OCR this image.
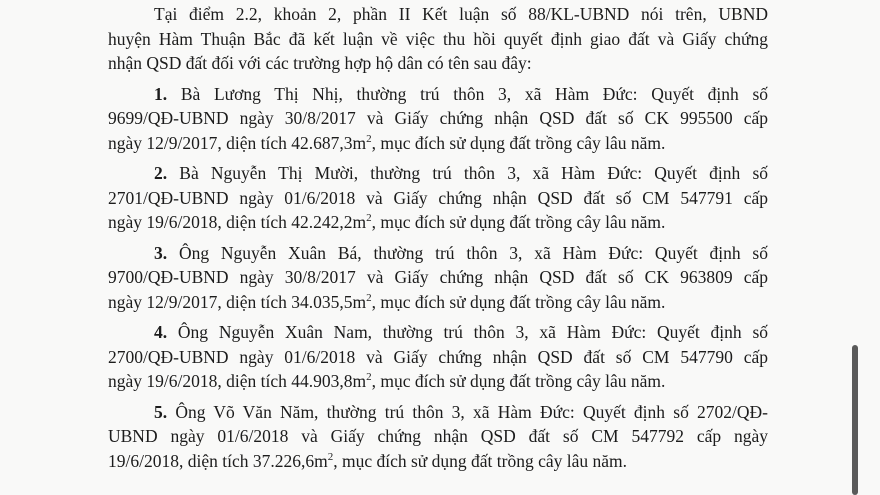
Tại điểm 2.2, khoản 2, phần II Kết luận số 88/KL-UBND nói trên, UBND
huyện Hàm Thuận Bắc đã kết luận về việc thu hồi quyết định giao đất và Giấy chứng
nhận QSD đất đối với các trường hợp hộ dân có tên sau đây:

1. Bà Lương Thị Nhị, thường trú thôn 3, xã Hàm Đức: Quyết định số
9699/QĐ-UBND ngày 30/8/2017 và Giấy chứng nhận QSD đất số CK 995500 cấp
ngày 12/9/2017, diện tích $42.687,3m^2$, mục đích sử dụng đất trồng cây lâu năm.

2. Bà Nguyễn Thị Mười, thường trú thôn 3, xã Hàm Đức: Quyết định số
2701/QĐ-UBND ngày 01/6/2018 và Giấy chứng nhận QSD đất số CM 547791 cấp
ngày 19/6/2018, diện tích $42.242,2m^2$, mục đích sử dụng đất trồng cây lâu năm.

3. Ông Nguyễn Xuân Bá, thường trú thôn 3, xã Hàm Đức: Quyết định số
9700/QĐ-UBND ngày 30/8/2017 và Giấy chứng nhận QSD đất số CK 963809 cấp
ngày 12/9/2017, diện tích $34.035,5m^2$, mục đích sử dụng đất trồng cây lâu năm.

4. Ông Nguyễn Xuân Nam, thường trú thôn 3, xã Hàm Đức: Quyết định số
2700/QĐ-UBND ngày 01/6/2018 và Giấy chứng nhận QSD đất số CM 547790 cấp
ngày 19/6/2018, diện tích $44.903,8m^2$, mục đích sử dụng đất trồng cây lâu năm.

5. Ông Võ Văn Năm, thường trú thôn 3, xã Hàm Đức: Quyết định số 2702/QĐ-
UBND ngày 01/6/2018 và Giấy chứng nhận QSD đất số CM 547792 cấp ngày
19/6/2018, diện tích $37.226,6m^2$, mục đích sử dụng đất trồng cây lâu năm.
